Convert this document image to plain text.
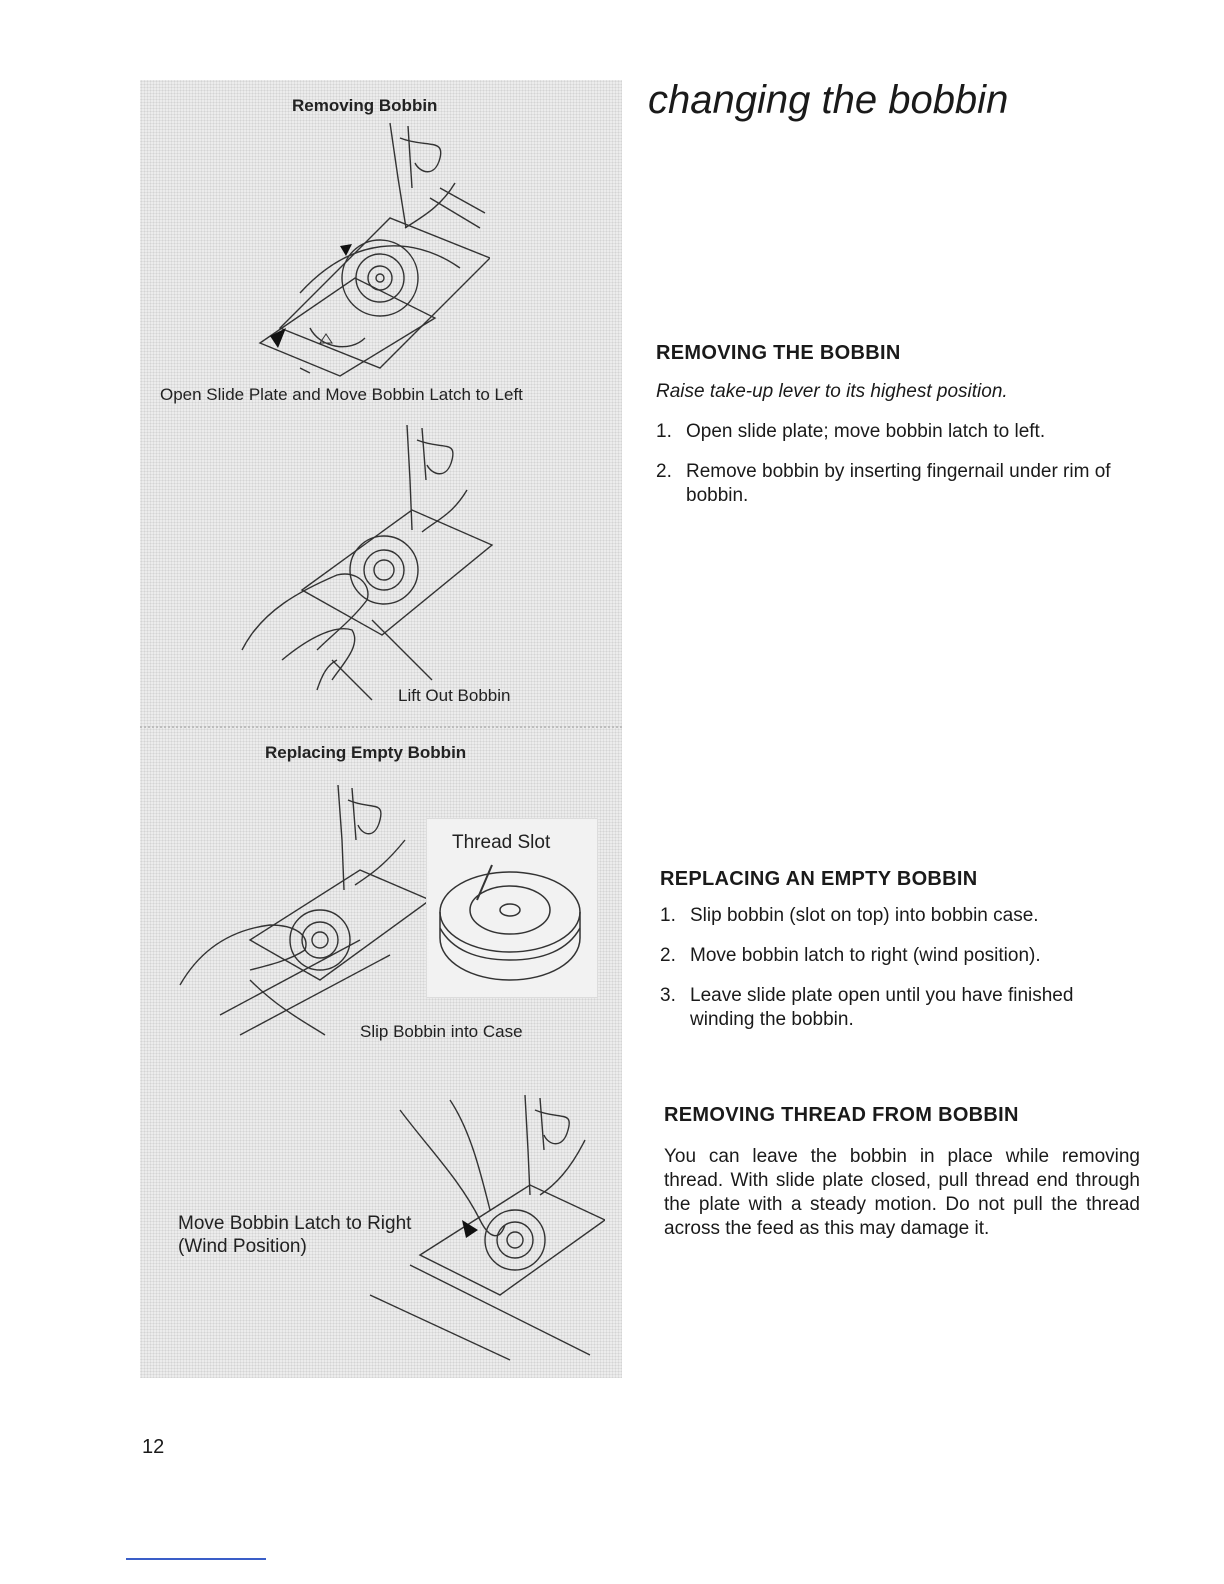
Removing Bobbin
Open Slide Plate and Move Bobbin Latch to Left
Lift Out Bobbin
Replacing Empty Bobbin
Thread Slot
Slip Bobbin into Case
Move Bobbin Latch to Right
(Wind Position)
changing the bobbin
REMOVING THE BOBBIN
Raise take-up lever to its highest position.
1. Open slide plate; move bobbin latch to left.
2. Remove bobbin by inserting fingernail under rim of bobbin.
REPLACING AN EMPTY BOBBIN
1. Slip bobbin (slot on top) into bobbin case.
2. Move bobbin latch to right (wind position).
3. Leave slide plate open until you have finished winding the bobbin.
REMOVING THREAD FROM BOBBIN
You can leave the bobbin in place while removing thread. With slide plate closed, pull thread end through the plate with a steady motion. Do not pull the thread across the feed as this may damage it.
12
